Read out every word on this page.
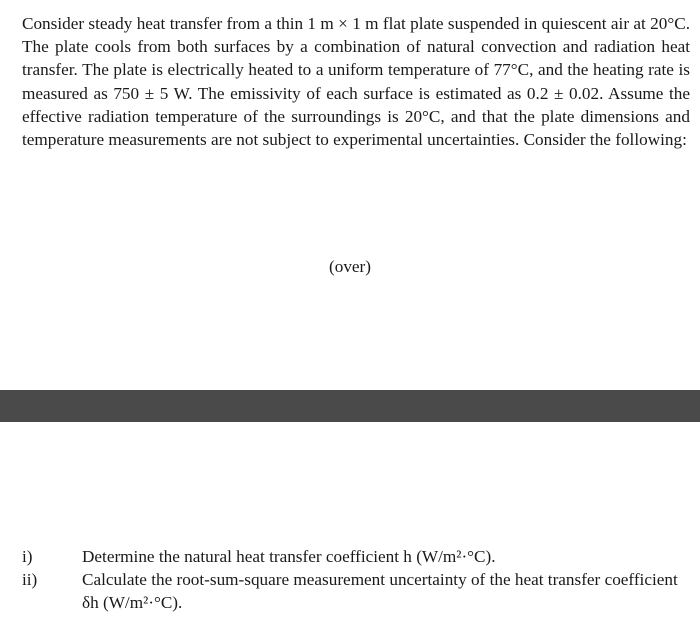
Consider steady heat transfer from a thin 1 m × 1 m flat plate suspended in quiescent air at 20°C. The plate cools from both surfaces by a combination of natural convection and radiation heat transfer. The plate is electrically heated to a uniform temperature of 77°C, and the heating rate is measured as 750 ± 5 W. The emissivity of each surface is estimated as 0.2 ± 0.02. Assume the effective radiation temperature of the surroundings is 20°C, and that the plate dimensions and temperature measurements are not subject to experimental uncertainties. Consider the following:

(over)
i)	Determine the natural heat transfer coefficient h (W/m²·°C).
ii)	Calculate the root-sum-square measurement uncertainty of the heat transfer coefficient δh (W/m²·°C).
